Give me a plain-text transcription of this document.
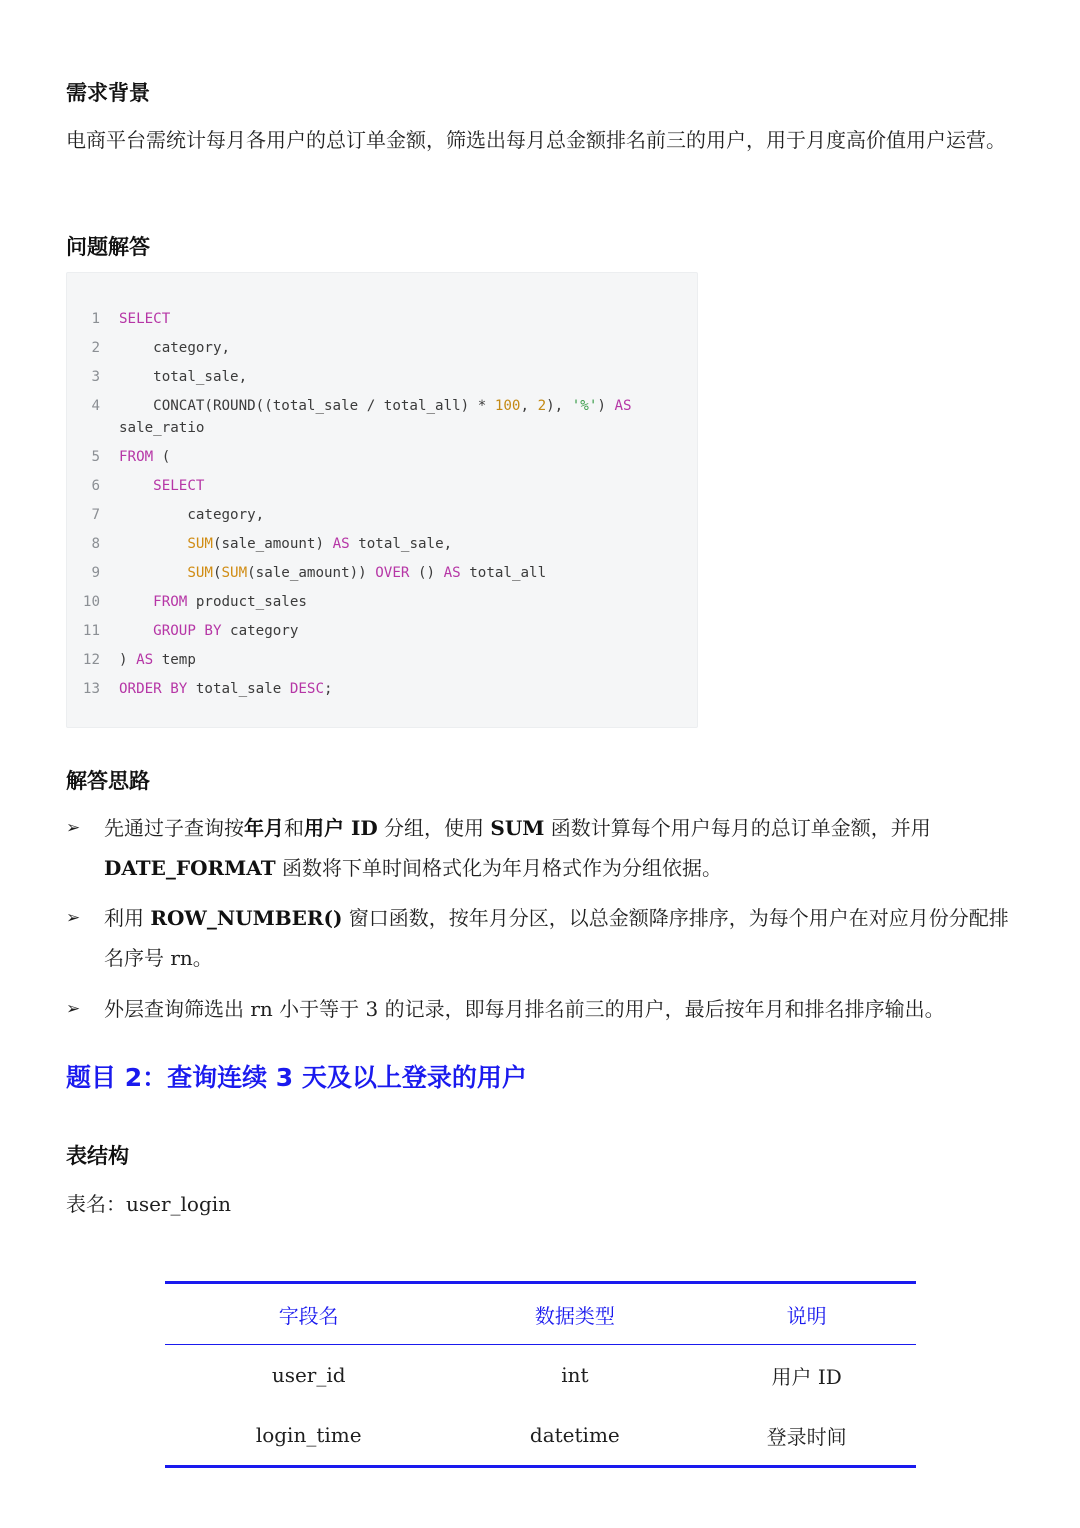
需求背景
电商平台需统计每月各用户的总订单金额，筛选出每月总金额排名前三的用户，用于月度高价值用户运营。
问题解答
1 SELECT
2 category,
3 total_sale,
4 CONCAT(ROUND((total_sale / total_all) * 100, 2), '%') AS
sale_ratio
5 FROM (
6	SELECT
7 category,
8	SUM(sale_amount) AS total_sale,
9	SUM(SUM(sale_amount)) OVER () AS total_all
10	FROM product_sales
11	GROUP BY category
12 ) AS temp
13 ORDER BY total_sale DESC;
解答思路
➢ 先通过子查询按年月和用户 ID 分组，使用 SUM 函数计算每个用户每月的总订单金额，并用 DATE_FORMAT 函数将下单时间格式化为年月格式作为分组依据。
➢ 利用 ROW_NUMBER() 窗口函数，按年月分区，以总金额降序排序，为每个用户在对应月份分配排名序号 rn。
➢ 外层查询筛选出 rn 小于等于 3 的记录，即每月排名前三的用户，最后按年月和排名排序输出。
题目 2：查询连续 3 天及以上登录的用户
表结构
表名：user_login
字段名	数据类型	说明
user_id	int	用户 ID
login_time	datetime	登录时间
